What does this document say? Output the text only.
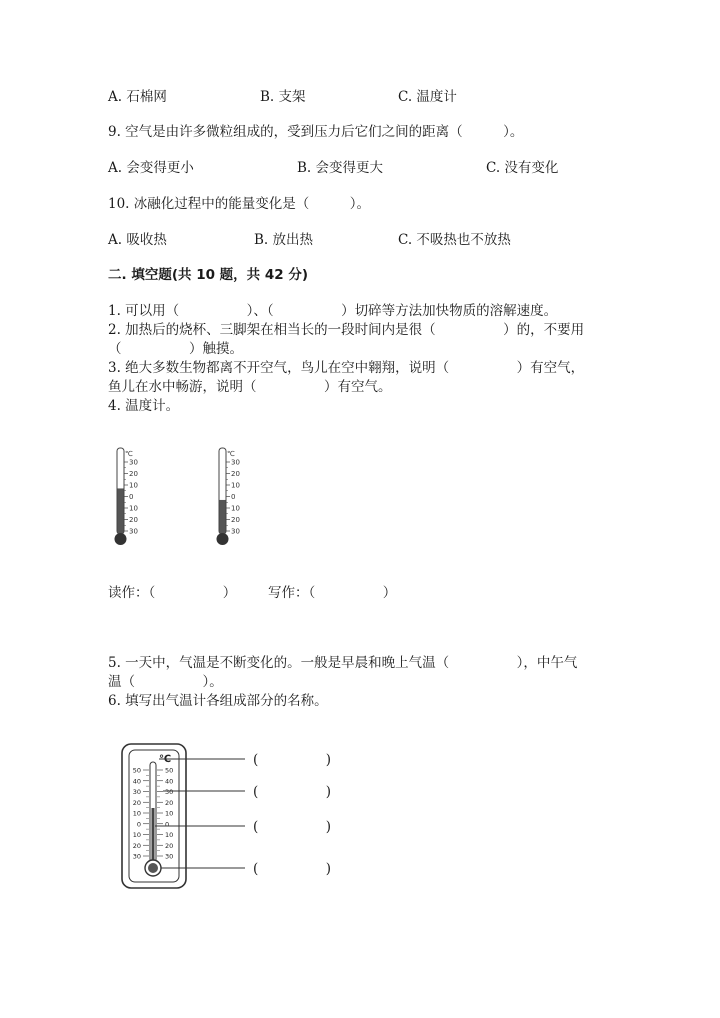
A. 石棉网	B. 支架	C. 温度计
9. 空气是由许多微粒组成的，受到压力后它们之间的距离（　　　）。
A. 会变得更小	B. 会变得更大	C. 没有变化
10. 冰融化过程中的能量变化是（　　　）。
A. 吸收热	B. 放出热	C. 不吸热也不放热
二. 填空题(共 10 题，共 42 分)
1. 可以用（　　　　　）、（　　　　　）切碎等方法加快物质的溶解速度。
2. 加热后的烧杯、三脚架在相当长的一段时间内是很（　　　　　）的，不要用
（　　　　　）触摸。
3. 绝大多数生物都离不开空气，鸟儿在空中翱翔，说明（　　　　　）有空气，
鱼儿在水中畅游，说明（　　　　　）有空气。
4. 温度计。
30
20
10
0
10
20
30
℃
30
20
10
0
10
20
30
℃
读作：（　　　　　） 写作：（　　　　　）
5. 一天中，气温是不断变化的。一般是早晨和晚上气温（　　　　　），中午气
温（　　　　　）。
6. 填写出气温计各组成部分的名称。
℃
50
40
30
20
10
0
10
20
30
50
40
30
20
10
0
10
20
30
(　　　　　)
(　　　　　)
(　　　　　)
(　　　　　)
